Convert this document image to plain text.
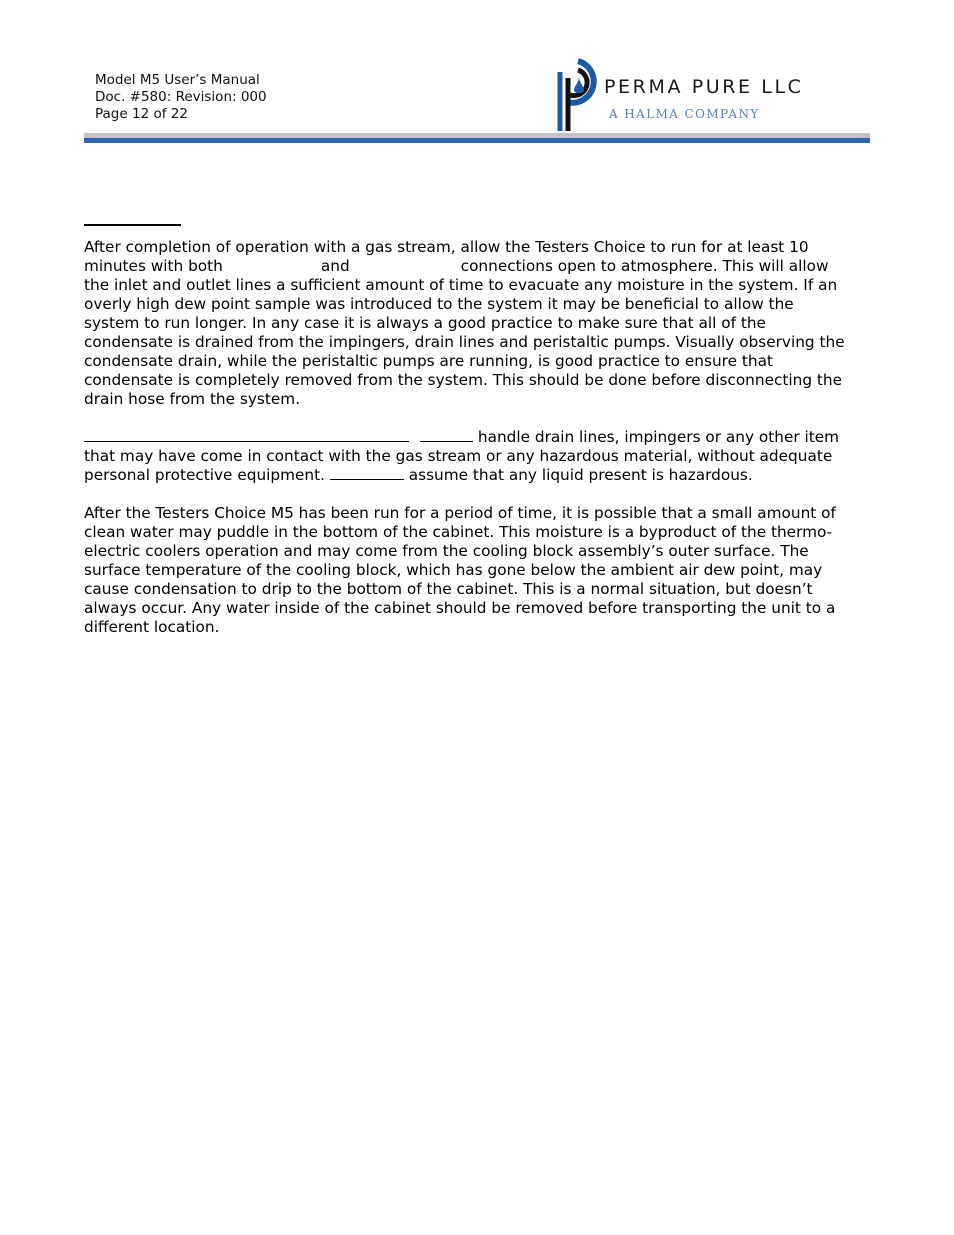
Model M5 User’s Manual
Doc. #580: Revision: 000
Page 12 of 22
PERMA PURE LLC
A HALMA COMPANY

After completion of operation with a gas stream, allow the Testers Choice to run for at least 10
minutes with both	and	connections open to atmosphere. This will allow
the inlet and outlet lines a sufficient amount of time to evacuate any moisture in the system. If an
overly high dew point sample was introduced to the system it may be beneficial to allow the
system to run longer. In any case it is always a good practice to make sure that all of the
condensate is drained from the impingers, drain lines and peristaltic pumps. Visually observing the
condensate drain, while the peristaltic pumps are running, is good practice to ensure that
condensate is completely removed from the system. This should be done before disconnecting the
drain hose from the system.

handle drain lines, impingers or any other item
that may have come in contact with the gas stream or any hazardous material, without adequate
personal protective equipment.	assume that any liquid present is hazardous.

After the Testers Choice M5 has been run for a period of time, it is possible that a small amount of
clean water may puddle in the bottom of the cabinet. This moisture is a byproduct of the thermo-
electric coolers operation and may come from the cooling block assembly’s outer surface. The
surface temperature of the cooling block, which has gone below the ambient air dew point, may
cause condensation to drip to the bottom of the cabinet. This is a normal situation, but doesn’t
always occur. Any water inside of the cabinet should be removed before transporting the unit to a
different location.
